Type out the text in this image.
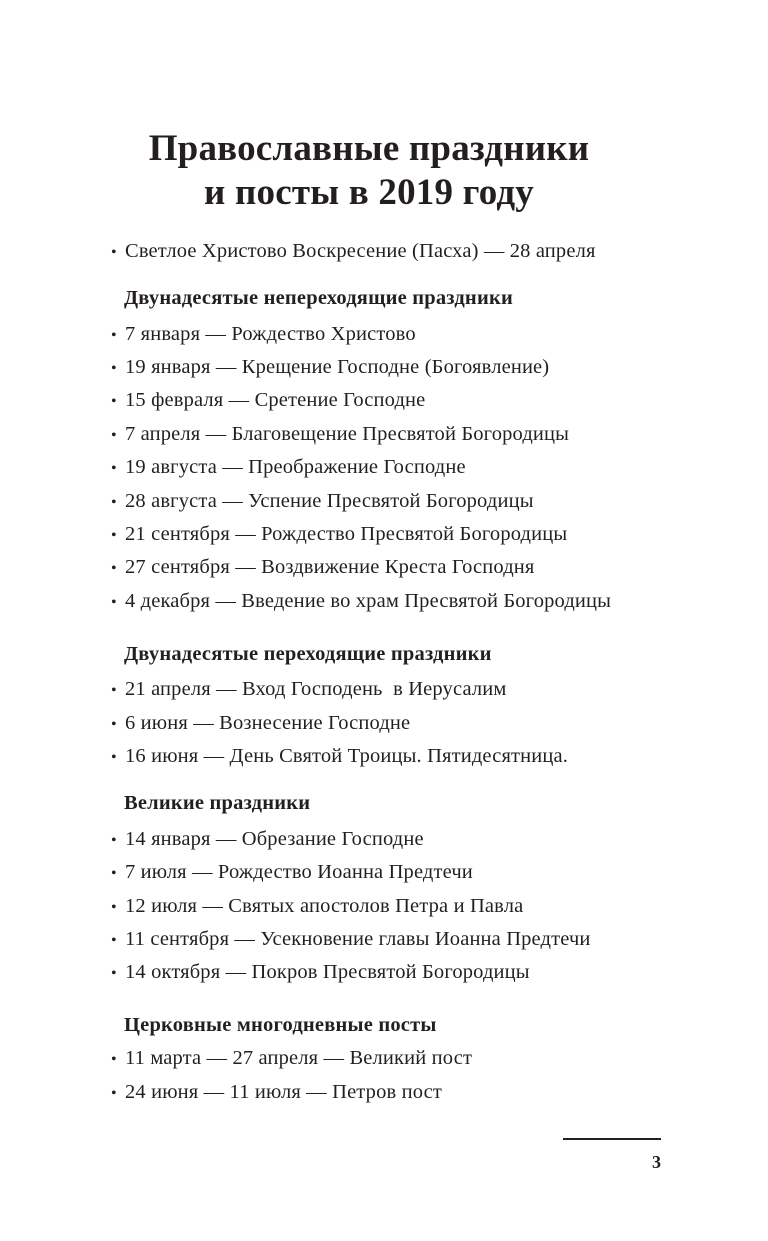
Православные праздники
и посты в 2019 году
• Светлое Христово Воскресение (Пасха) — 28 апреля
Двунадесятые непереходящие праздники
• 7 января — Рождество Христово
• 19 января — Крещение Господне (Богоявление)
• 15 февраля — Сретение Господне
• 7 апреля — Благовещение Пресвятой Богородицы
• 19 августа — Преображение Господне
• 28 августа — Успение Пресвятой Богородицы
• 21 сентября — Рождество Пресвятой Богородицы
• 27 сентября — Воздвижение Креста Господня
• 4 декабря — Введение во храм Пресвятой Богородицы
Двунадесятые переходящие праздники
• 21 апреля — Вход Господень  в Иерусалим
• 6 июня — Вознесение Господне
• 16 июня — День Святой Троицы. Пятидесятница.
Великие праздники
• 14 января — Обрезание Господне
• 7 июля — Рождество Иоанна Предтечи
• 12 июля — Святых апостолов Петра и Павла
• 11 сентября — Усекновение главы Иоанна Предтечи
• 14 октября — Покров Пресвятой Богородицы
Церковные многодневные посты
• 11 марта — 27 апреля — Великий пост
• 24 июня — 11 июля — Петров пост
3
